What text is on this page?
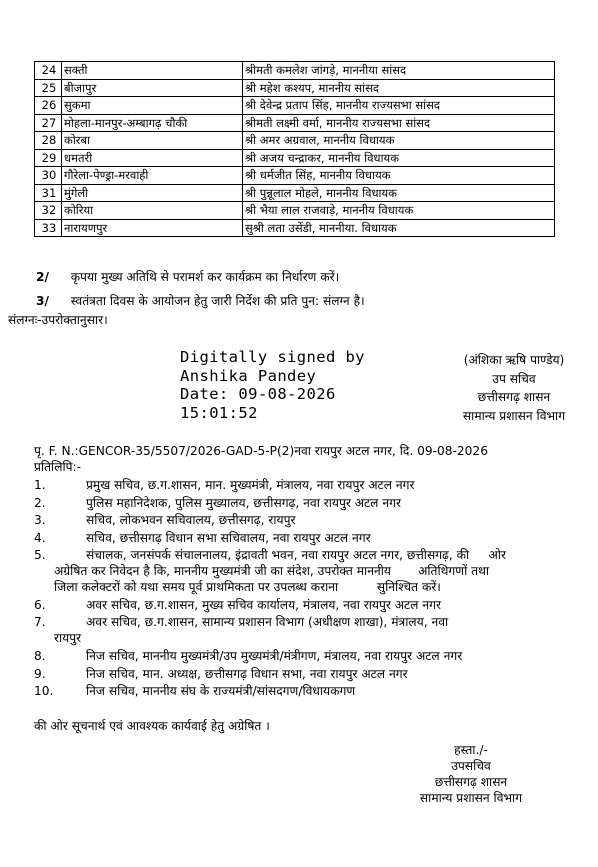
24	सक्ती	श्रीमती कमलेश जांगड़े, माननीया सांसद
25	बीजापुर	श्री महेश कश्यप, माननीय सांसद
26	सुकमा	श्री देवेन्द्र प्रताप सिंह, माननीय राज्यसभा सांसद
27	मोहला-मानपुर-अम्बागढ़ चौकी	श्रीमती लक्ष्मी वर्मा, माननीय राज्यसभा सांसद
28	कोरबा	श्री अमर अग्रवाल, माननीय विधायक
29	धमतरी	श्री अजय चन्द्राकर, माननीय विधायक
30	गौरेला-पेण्ड्रा-मरवाही	श्री धर्मजीत सिंह, माननीय विधायक
31	मुंगेली	श्री पुन्नूलाल मोहले, माननीय विधायक
32	कोरिया	श्री भैया लाल राजवाड़े, माननीय विधायक
33	नारायणपुर	सुश्री लता उसेंडी, माननीया. विधायक
2/ कृपया मुख्य अतिथि से परामर्श कर कार्यक्रम का निर्धारण करें।
3/ स्वतंत्रता दिवस के आयोजन हेतु जारी निर्देश की प्रति पुन: संलग्न है।
संलग्नः-उपरोक्तानुसार।
Digitally signed by
Anshika Pandey
Date: 09-08-2026
15:01:52
(अंशिका ऋषि पाण्डेय)
उप सचिव
छत्तीसगढ़ शासन
सामान्य प्रशासन विभाग
पृ. F. N.:GENCOR-35/5507/2026-GAD-5-P(2)नवा रायपुर अटल नगर, दि. 09-08-2026
प्रतिलिपि:-
1.	प्रमुख सचिव, छ.ग.शासन, मान. मुख्यमंत्री, मंत्रालय, नवा रायपुर अटल नगर
2.	पुलिस महानिदेशक, पुलिस मुख्यालय, छत्तीसगढ़, नवा रायपुर अटल नगर
3.	सचिव, लोकभवन सचिवालय, छत्तीसगढ़, रायपुर
4.	सचिव, छत्तीसगढ़ विधान सभा सचिवालय, नवा रायपुर अटल नगर
5.	संचालक, जनसंपर्क संचालनालय, इंद्रावती भवन, नवा रायपुर अटल नगर, छत्तीसगढ़, की     ओर
अग्रेषित कर निवेदन है कि, माननीय मुख्यमंत्री जी का संदेश, उपरोक्त माननीय       अतिथिगणों तथा
जिला कलेक्टरों को यथा समय पूर्व प्राथमिकता पर उपलब्ध कराना          सुनिश्चित करें।
6.	अवर सचिव, छ.ग.शासन, मुख्य सचिव कार्यालय, मंत्रालय, नवा रायपुर अटल नगर
7.	अवर सचिव, छ.ग.शासन, सामान्य प्रशासन विभाग (अधीक्षण शाखा), मंत्रालय, नवा
रायपुर
8.	निज सचिव, माननीय मुख्यमंत्री/उप मुख्यमंत्री/मंत्रीगण, मंत्रालय, नवा रायपुर अटल नगर
9.	निज सचिव, मान. अध्यक्ष, छत्तीसगढ़ विधान सभा, नवा रायपुर अटल नगर
10.	निज सचिव, माननीय संघ के राज्यमंत्री/सांसदगण/विधायकगण
की ओर सूचनार्थ एवं आवश्यक कार्यवाई हेतु अग्रेषित ।
हस्ता./-
उपसचिव
छत्तीसगढ़ शासन
सामान्य प्रशासन विभाग
